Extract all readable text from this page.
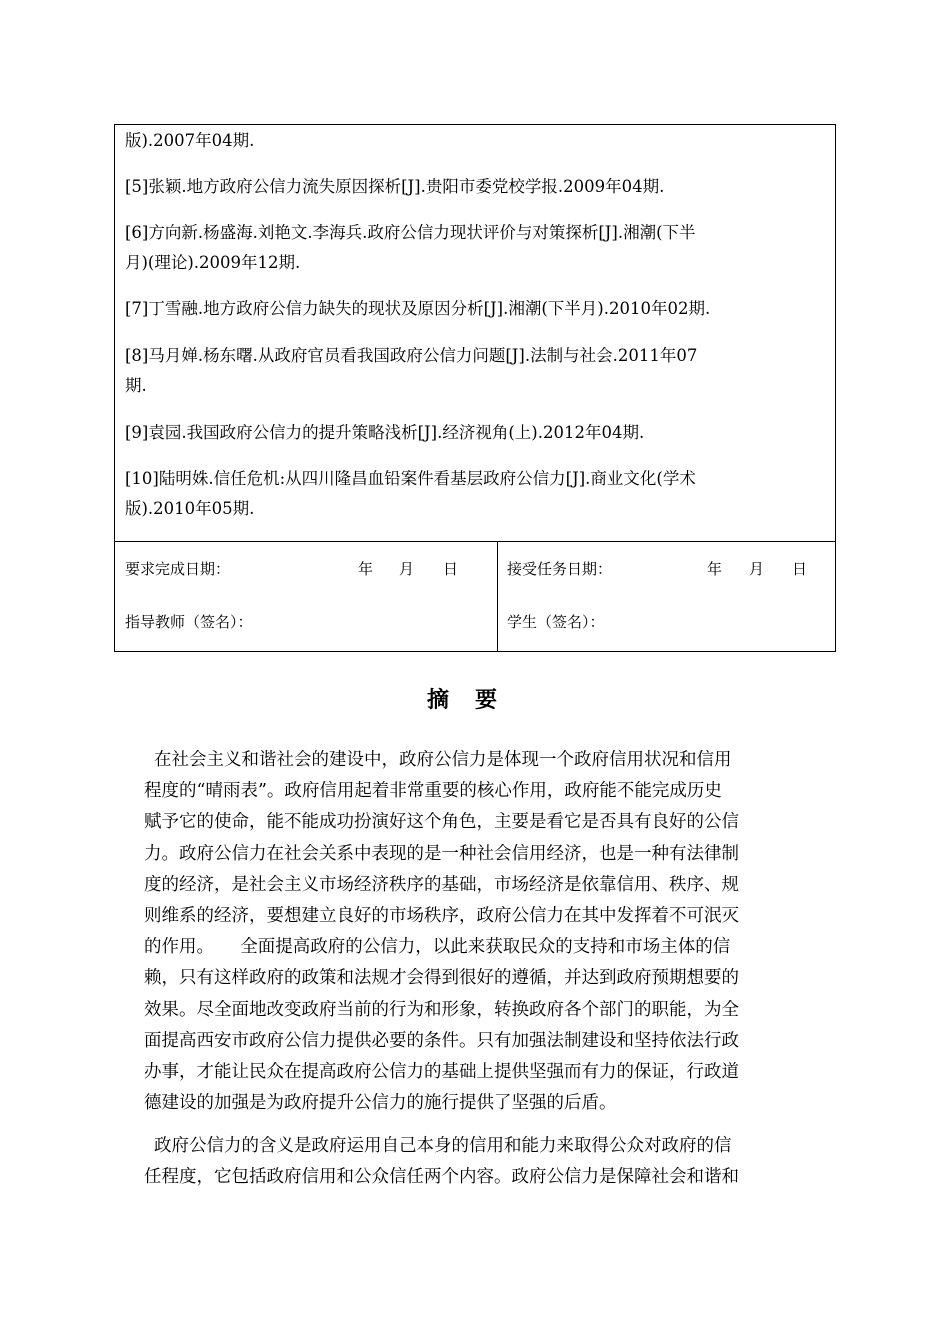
版).2007年04期.

[5]张颖.地方政府公信力流失原因探析[J].贵阳市委党校学报.2009年04期.

[6]方向新.杨盛海.刘艳文.李海兵.政府公信力现状评价与对策探析[J].湘潮(下半
月)(理论).2009年12期.

[7]丁雪融.地方政府公信力缺失的现状及原因分析[J].湘潮(下半月).2010年02期.

[8]马月婵.杨东曙.从政府官员看我国政府公信力问题[J].法制与社会.2011年07
期.

[9]袁园.我国政府公信力的提升策略浅析[J].经济视角(上).2012年04期.

[10]陆明姝.信任危机:从四川隆昌血铅案件看基层政府公信力[J].商业文化(学术
版).2010年05期.

要求完成日期：	年 月 日	接受任务日期：	年 月 日
指导教师（签名）：	学生（签名）：
摘要

在社会主义和谐社会的建设中，政府公信力是体现一个政府信用状况和信用
程度的“晴雨表”。政府信用起着非常重要的核心作用，政府能不能完成历史
赋予它的使命，能不能成功扮演好这个角色，主要是看它是否具有良好的公信
力。政府公信力在社会关系中表现的是一种社会信用经济，也是一种有法律制
度的经济，是社会主义市场经济秩序的基础，市场经济是依靠信用、秩序、规
则维系的经济，要想建立良好的市场秩序，政府公信力在其中发挥着不可泯灭
的作用。　　全面提高政府的公信力，以此来获取民众的支持和市场主体的信
赖，只有这样政府的政策和法规才会得到很好的遵循，并达到政府预期想要的
效果。尽全面地改变政府当前的行为和形象，转换政府各个部门的职能，为全
面提高西安市政府公信力提供必要的条件。只有加强法制建设和坚持依法行政
办事，才能让民众在提高政府公信力的基础上提供坚强而有力的保证，行政道
德建设的加强是为政府提升公信力的施行提供了坚强的后盾。

政府公信力的含义是政府运用自己本身的信用和能力来取得公众对政府的信
任程度，它包括政府信用和公众信任两个内容。政府公信力是保障社会和谐和
